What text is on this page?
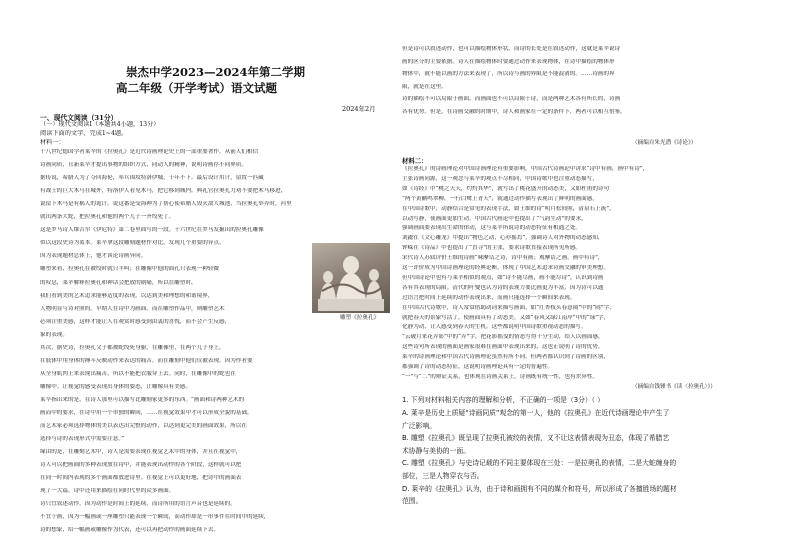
崇杰中学2023—2024年第二学期
高二年级（开学考试）语文试题
2024年2月
一、现代文阅读（31分）
（一）现代文阅读Ⅰ（本题共4小题，13分）
阅读下面的文字，完成1~4题。
材料一：
十八世纪德国学者莱辛的《拉奥孔》是近代诗画理论史上的一部重要著作。从前人们相信
诗画同质，且新莱辛才提出事物的组织方式，同动人的精神，说明诗画存不同界质。
据传说，希腊人为了夺回海伦，率兵围攻特洛伊城，十年不下。最后设计用计，留置一匹藏
有战士的巨大木马在城外，特洛伊人看见木马，把它移到城内。典礼官拉奥孔力劝不要把木马移进，
说留下木马是有祸人的诡计。说这番是受海神为了帮心使希腊人毁灭敌人城池，当拉奥孔举弄时，河里
就出两条大蛇，把拉奥孔和他的两个儿子一齐绞死了。
这是罗马诗人维吉尔《伊尼特》第二卷里面写的一段。十六世纪在罗马发掘出的拉奥孔雕像
似以这段史诗为蓝本。莱辛拿这段雕刻题材作对比，发现几个重要的异点。
因为表现题材总体上，他才谈论诗画异同。
雕塑来看，拉奥孔在被绞时就只半叫；在雕像中他的面孔只表现一种轻微
的叹息，莱辛解释拉奥孔和神话会把放的剧痛，所以在雕塑时，
我们看到美的艺术追求能够适度的表现，以达到美和理想的和谐境界，
人物明显与诗对照的。早期人在诗中为画面，而在雕塑作品中，则雕塑艺术
必须注重美感，这样才能让人在观赏时感受到由衷的喜悦，而不会产生反感，
象的表现。
其次，据史诗，拉奥孔父子都被蛇绞死身躯，在雕像里，在两个儿子身上，
在肢体中用身体的搏斗反映动作来表达的痛苦。而在雕刻中他们仅被表现。因为作者要
从全身肌肉上来表现出痛苦，所以不能把衣服穿上去。同时，在雕像中的蛇也在
雕像中。让视觉的感受表现出身体的姿态，让雕像具有美感。
莱辛指出来的是，在诗人那里可以描写比雕刻家更多的东西。“画面和诗两种艺术的
画而中的要求，在诗中用一个单独的瞬间，……在视觉效果中才可以形成全貌的基础，
而艺术家必须选择物体的美以表达出完整的动作，以达到更完美的画面效果，所以在
选择与诗的表现形式中需要注意。”
缘由的是，在雕刻艺术中，诗人是需要表现在视觉艺术中的身体，并且在视觉中，
诗人可以把画面的多种表现放在诗中，并能表现出动作的各个阶段，这样就可以把
在同一时间内表现的多个画面都放进诗里。在视觉上可以更好地，把诗中的画面表
现了一大篇，诗中还用来描绘在同时代里的众多画面。
诗只宜叙述动作，因为动作是时间上的延续，而诗所用的语言声音也是延续的。
不宜于画，因为一幅画或一座雕塑只能表现一个瞬间，而动作却是一串事件在时间中的延续，
诗的想象，给一幅画或雕像作为代表，还可以再把动作的画面延续下去。
雕塑《拉奥孔》
但是诗可以叙述动作，也可以描绘物体形状，而诗的长处是在叙述动作，这就是莱辛说诗
画的区分的主要依据。诗人在描绘物体时要通过动作来表现物体，在诗中描绘的物体形
物体中，就不能以画的方法来表现了，所以诗与画的界限是不能混淆的。……诗画的界
限，就是在这里。
诗的描绘不可以局限于画面，而画面也不可以局限于诗，而是两种艺术各有所长的，诗画
各有优势。但是，在诗画交融的时期中，诗人和画家在一定的条件下，两者可以相互借鉴。
（摘编自朱光潜《诗论》）
材料二：
《拉奥孔》的诗画理论对中国诗画理论有重要影响，中国古代诗画论中讲求“诗中有画，画中有诗”，
主张诗画同源，这一观念与莱辛的观点不尽相同，中国诗歌中也注重动态描写，
如《诗经》中“桃之夭夭，灼灼其华”，就写出了桃花盛开的动态美，又如杜甫的诗句
“两个黄鹂鸣翠柳，一行白鹭上青天”，就通过动作描写表现出了鲜明的画面感。
在中国诗歌中，动静结合是常见的表现手法，如王维的诗“明月松间照，清泉石上流”，
以动写静，使画面更加生动。中国古代画论中也提出了“气韵生动”的要求，
强调画面要表现出生命的律动，这与莱辛所说诗的动态特征有相通之处。
刘勰在《文心雕龙》中提出“物色之动，心亦摇焉”，强调诗人对外物的动态感知，
钟嵘在《诗品》中也提出了“直寻”的主张，要求诗歌直接表现所见所感。
宋代诗人苏轼评价王维的诗画“味摩诘之诗，诗中有画；观摩诘之画，画中有诗”，
这一评价成为中国诗画理论的经典论断，体现了中国艺术追求诗画交融的审美理想。
但中国诗论中也有与莱辛相似的观点，如“诗不能尽画，画不能尽诗”，认识到诗画
各有其表现的局限。清代的叶燮也认为诗的表现力要比画更为丰富，因为诗可以通
过语言把时间上延续的动作表现出来，而画只能选择一个瞬间来表现。
在中国古代诗歌中，诗人常常借助动词来描写画面，如“红杏枝头春意闹”中的“闹”字，
就把春天的景象写活了，使画面具有了动态美。又如“春风又绿江南岸”中的“绿”字，
化静为动，让人感受到春天的生机。这些都说明中国诗歌重视动态的描写。
“云破月来花弄影”中的“弄”字，把花影摇曳的情态写得十分生动，给人以画面感，
这些诗句所表现的画面是画家很难在画面中表现出来的，这也正说明了诗的优势。
莱辛的诗画理论和中国古代诗画理论虽然有所不同，但两者都认识到了诗画的区别，
都强调了诗的动态特征，这说明诗画理论具有一定的普遍性。
“一”与“二”的辩证关系，也体现在诗画关系上，诗画既有统一性，也有差异性。
（摘编自钱锺书《读〈拉奥孔〉》）
1. 下列对材料相关内容的理解和分析，不正确的一项是（3分）（ ）
A. 莱辛是历史上质疑“诗画同质”观念的第一人，他的《拉奥孔》在近代诗画理论中产生了
广泛影响。
B. 雕塑《拉奥孔》既呈现了拉奥孔被绞的表情，又不让这表情表现为丑态，体现了希腊艺
术协静与美协的一面。
C. 雕塑《拉奥孔》与史诗记载的不同主要体现在三处：一是拉奥孔的表情，二是大蛇缠身的
部位，三是人物穿衣与否。
D. 莱辛的《拉奥孔》认为，由于诗和画拥有不同的媒介和符号，所以形成了各擅胜场的题材
范围。
